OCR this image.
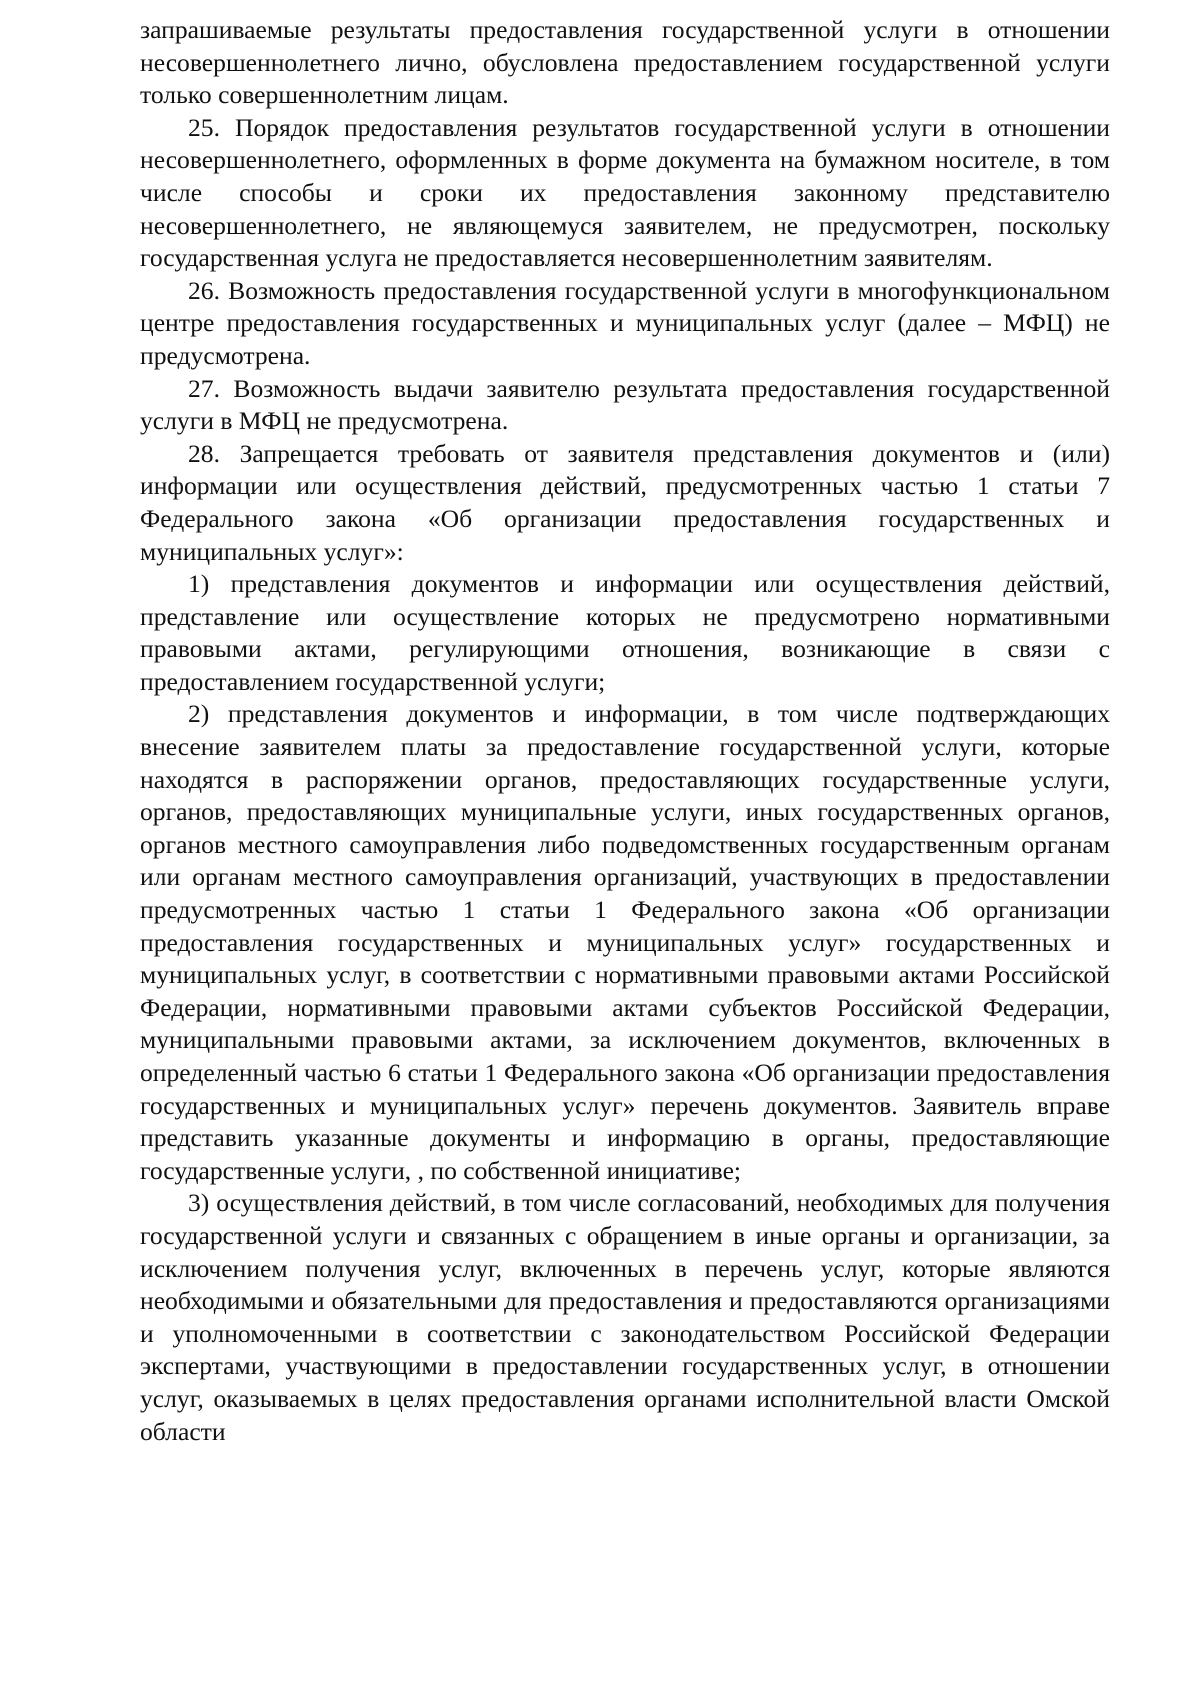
запрашиваемые результаты предоставления государственной услуги в отношении несовершеннолетнего лично, обусловлена предоставлением государственной услуги только совершеннолетним лицам.

25. Порядок предоставления результатов государственной услуги в отношении несовершеннолетнего, оформленных в форме документа на бумажном носителе, в том числе способы и сроки их предоставления законному представителю несовершеннолетнего, не являющемуся заявителем, не предусмотрен, поскольку государственная услуга не предоставляется несовершеннолетним заявителям.

26. Возможность предоставления государственной услуги в многофункциональном центре предоставления государственных и муниципальных услуг (далее – МФЦ) не предусмотрена.

27. Возможность выдачи заявителю результата предоставления государственной услуги в МФЦ не предусмотрена.

28. Запрещается требовать от заявителя представления документов и (или) информации или осуществления действий, предусмотренных частью 1 статьи 7 Федерального закона «Об организации предоставления государственных и муниципальных услуг»:

1) представления документов и информации или осуществления действий, представление или осуществление которых не предусмотрено нормативными правовыми актами, регулирующими отношения, возникающие в связи с предоставлением государственной услуги;

2) представления документов и информации, в том числе подтверждающих внесение заявителем платы за предоставление государственной услуги, которые находятся в распоряжении органов, предоставляющих государственные услуги, органов, предоставляющих муниципальные услуги, иных государственных органов, органов местного самоуправления либо подведомственных государственным органам или органам местного самоуправления организаций, участвующих в предоставлении предусмотренных частью 1 статьи 1 Федерального закона «Об организации предоставления государственных и муниципальных услуг» государственных и муниципальных услуг, в соответствии с нормативными правовыми актами Российской Федерации, нормативными правовыми актами субъектов Российской Федерации, муниципальными правовыми актами, за исключением документов, включенных в определенный частью 6 статьи 1 Федерального закона «Об организации предоставления государственных и муниципальных услуг» перечень документов. Заявитель вправе представить указанные документы и информацию в органы, предоставляющие государственные услуги, , по собственной инициативе;

3) осуществления действий, в том числе согласований, необходимых для получения государственной услуги и связанных с обращением в иные органы и организации, за исключением получения услуг, включенных в перечень услуг, которые являются необходимыми и обязательными для предоставления и предоставляются организациями и уполномоченными в соответствии с законодательством Российской Федерации экспертами, участвующими в предоставлении государственных услуг, в отношении услуг, оказываемых в целях предоставления органами исполнительной власти Омской области
